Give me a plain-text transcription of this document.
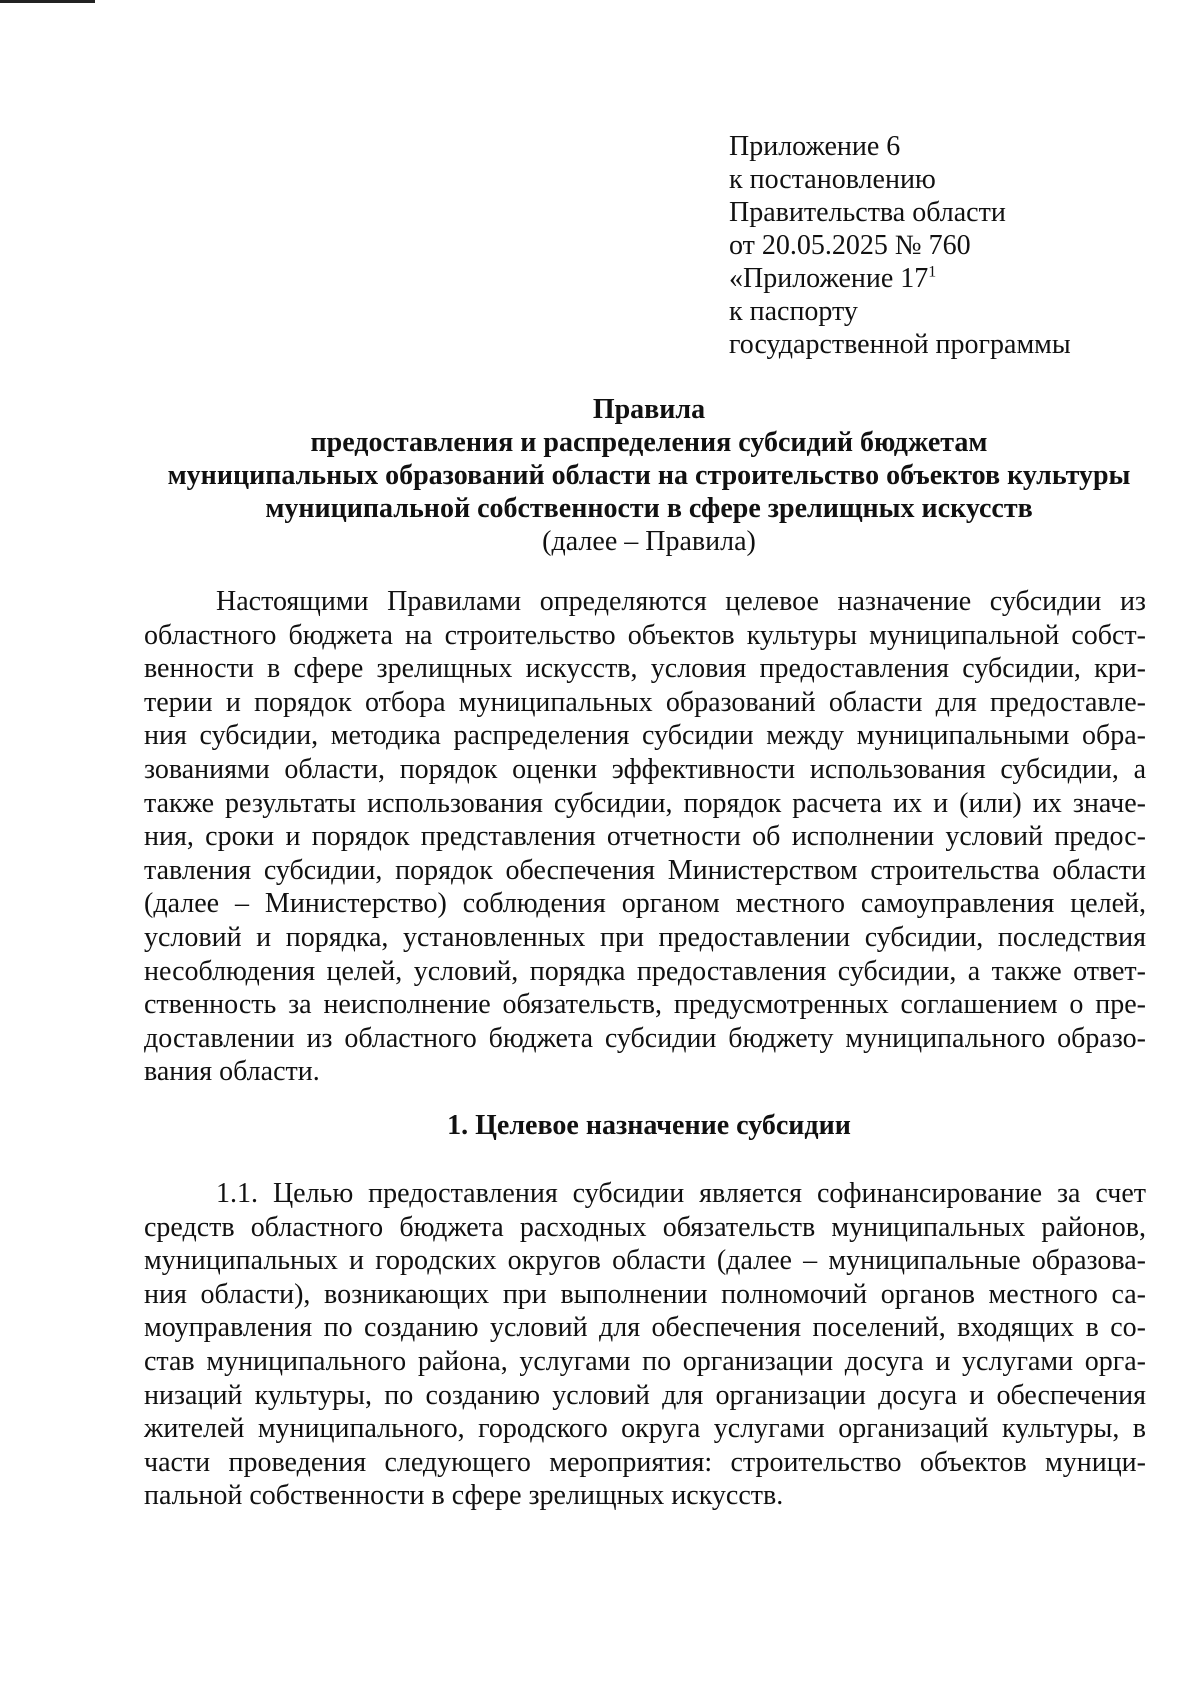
Приложение 6
к постановлению
Правительства области
от 20.05.2025 № 760
«Приложение $17^1$
к паспорту
государственной программы
Правила
предоставления и распределения субсидий бюджетам
муниципальных образований области на строительство объектов культуры
муниципальной собственности в сфере зрелищных искусств
(далее – Правила)
Настоящими Правилами определяются целевое назначение субсидии из
областного бюджета на строительство объектов культуры муниципальной собст-
венности в сфере зрелищных искусств, условия предоставления субсидии, кри-
терии и порядок отбора муниципальных образований области для предоставле-
ния субсидии, методика распределения субсидии между муниципальными обра-
зованиями области, порядок оценки эффективности использования субсидии, а
также результаты использования субсидии, порядок расчета их и (или) их значе-
ния, сроки и порядок представления отчетности об исполнении условий предос-
тавления субсидии, порядок обеспечения Министерством строительства области
(далее – Министерство) соблюдения органом местного самоуправления целей,
условий и порядка, установленных при предоставлении субсидии, последствия
несоблюдения целей, условий, порядка предоставления субсидии, а также ответ-
ственность за неисполнение обязательств, предусмотренных соглашением о пре-
доставлении из областного бюджета субсидии бюджету муниципального образо-
вания области.
1. Целевое назначение субсидии
1.1. Целью предоставления субсидии является софинансирование за счет
средств областного бюджета расходных обязательств муниципальных районов,
муниципальных и городских округов области (далее – муниципальные образова-
ния области), возникающих при выполнении полномочий органов местного са-
моуправления по созданию условий для обеспечения поселений, входящих в со-
став муниципального района, услугами по организации досуга и услугами орга-
низаций культуры, по созданию условий для организации досуга и обеспечения
жителей муниципального, городского округа услугами организаций культуры, в
части проведения следующего мероприятия: строительство объектов муници-
пальной собственности в сфере зрелищных искусств.
